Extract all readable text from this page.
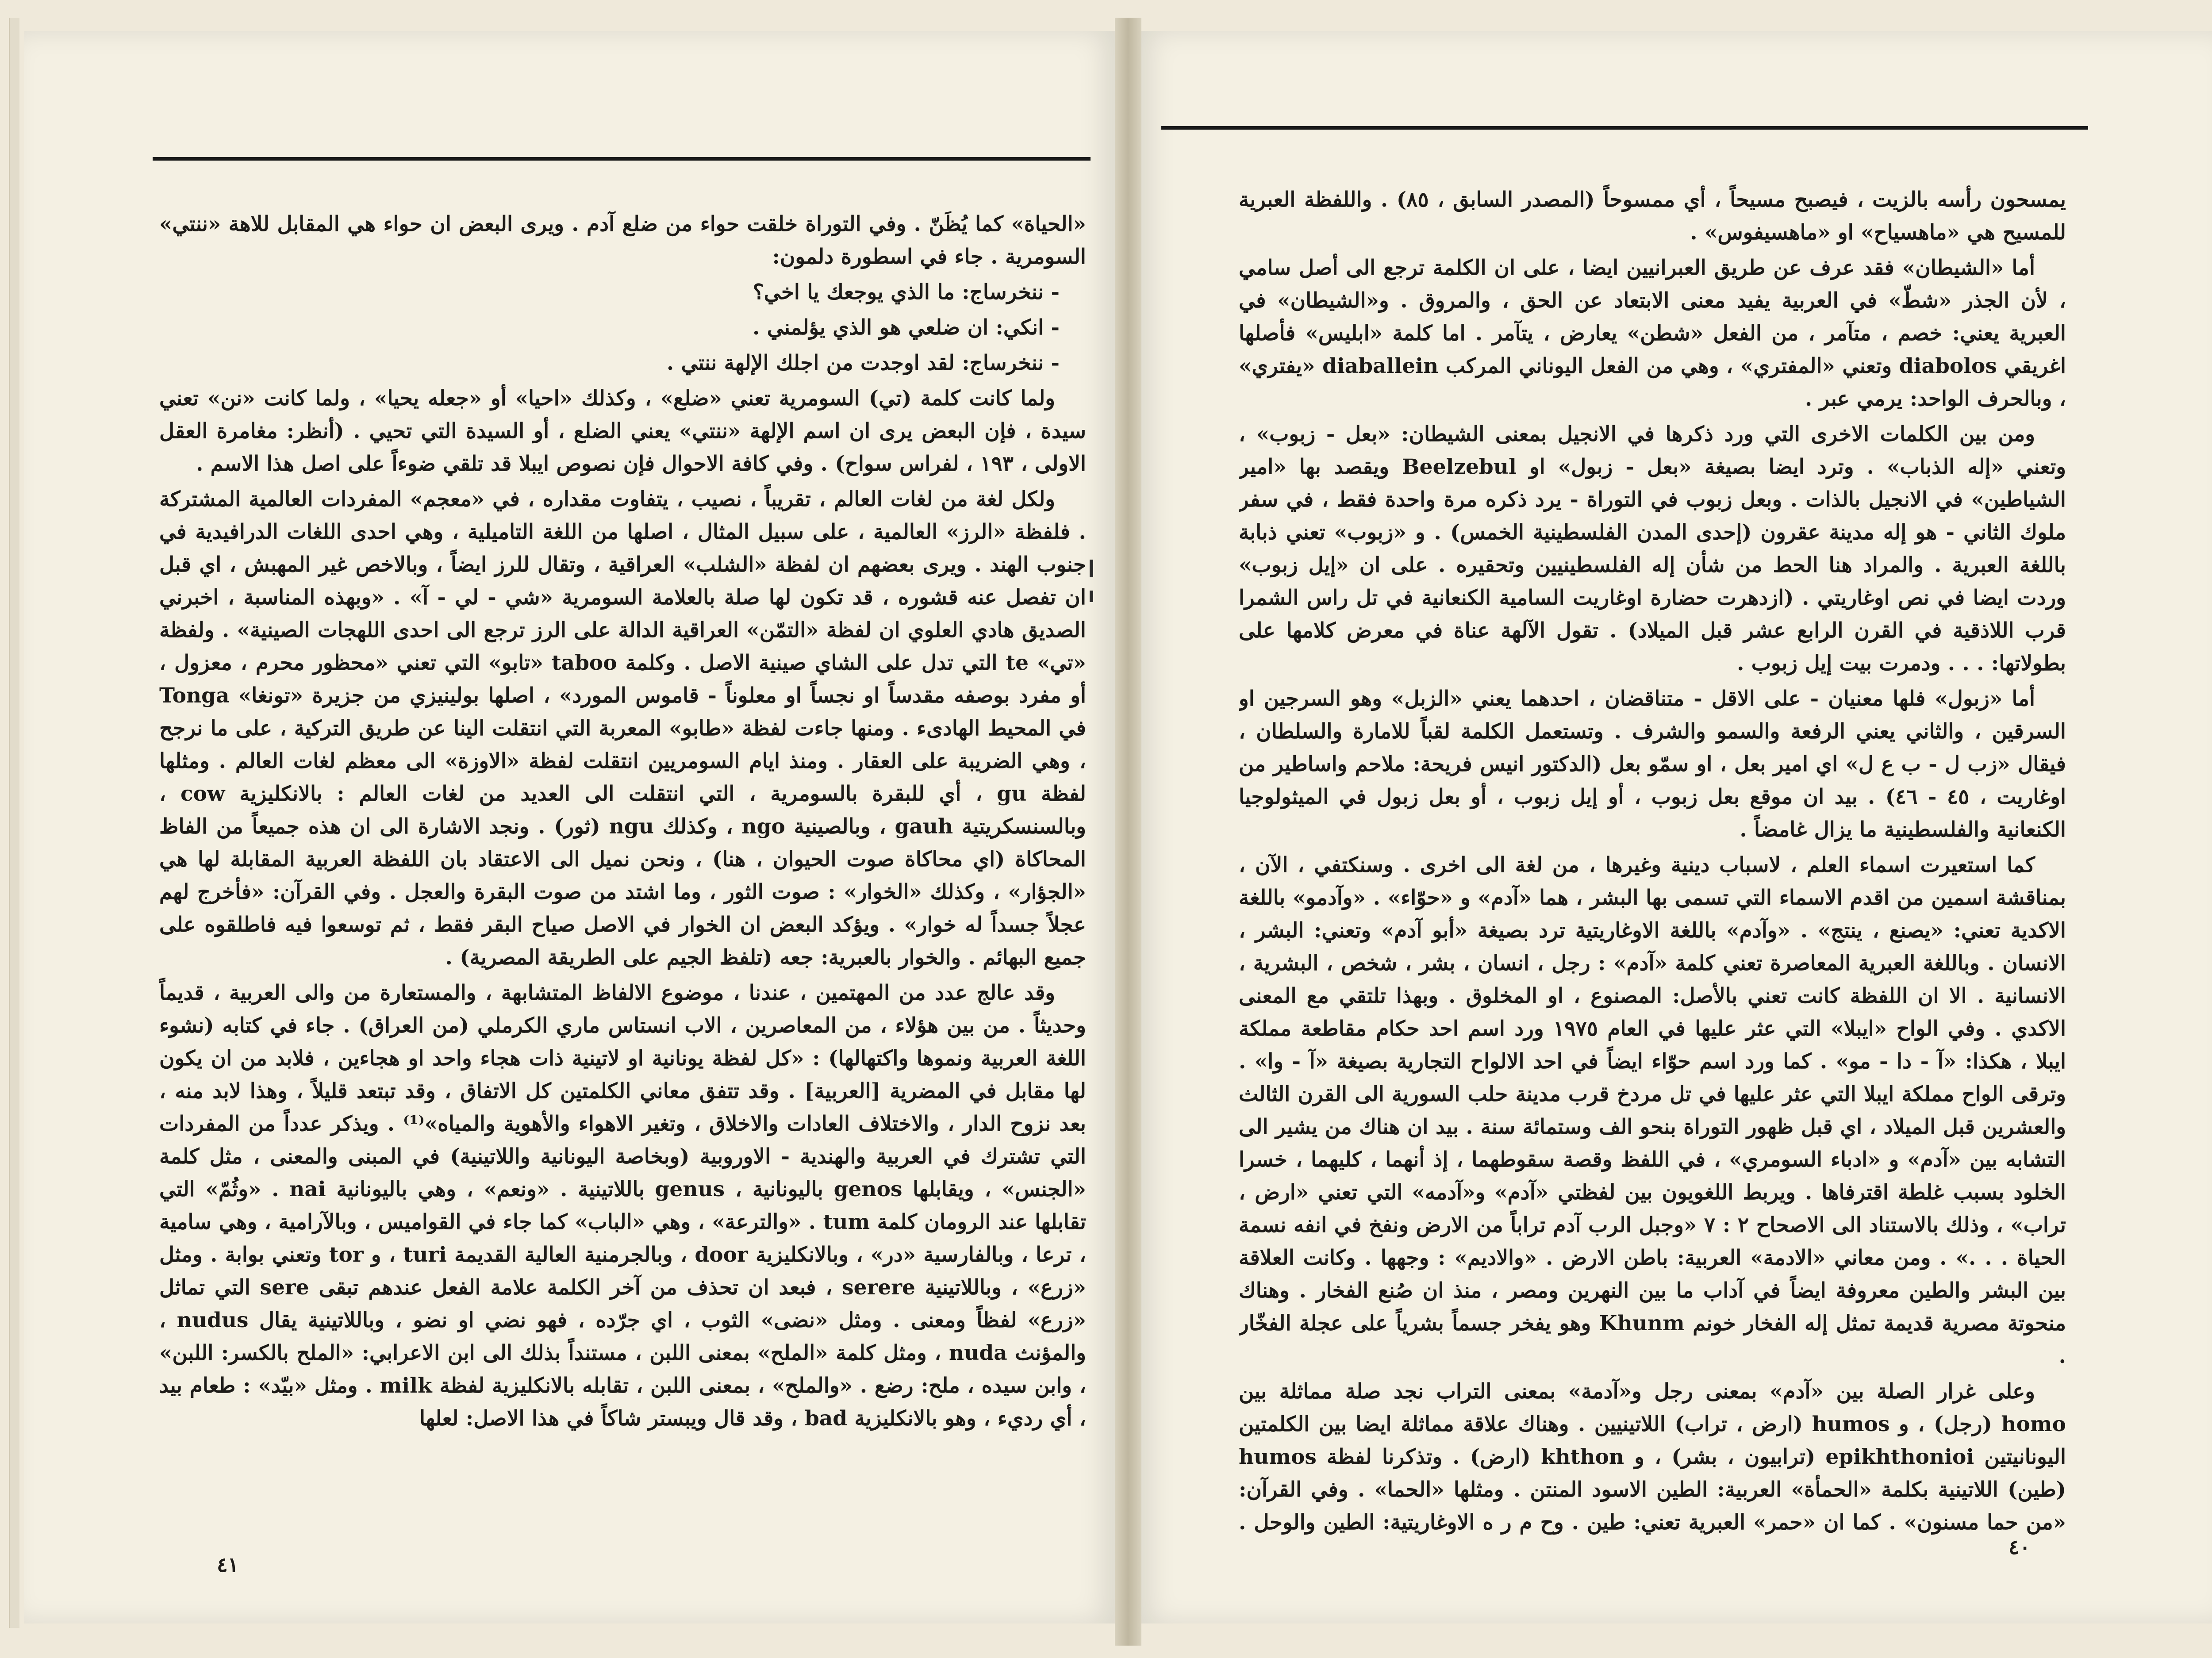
«الحياة» كما يُظَنّ . وفي التوراة خلقت حواء من ضلع آدم . ويرى البعض ان حواء هي المقابل للاهة «ننتي» السومرية . جاء في اسطورة دلمون:

- ننخرساج: ما الذي يوجعك يا اخي؟

- انكي: ان ضلعي هو الذي يؤلمني .

- ننخرساج: لقد اوجدت من اجلك الإلهة ننتي .

ولما كانت كلمة (تي) السومرية تعني «ضلع» ، وكذلك «احيا» أو «جعله يحيا» ، ولما كانت «نن» تعني سيدة ، فإن البعض يرى ان اسم الإلهة «ننتي» يعني الضلع ، أو السيدة التي تحيي . (أنظر: مغامرة العقل الاولى ، ١٩٣ ، لفراس سواح) . وفي كافة الاحوال فإن نصوص ايبلا قد تلقي ضوءاً على اصل هذا الاسم .

ولكل لغة من لغات العالم ، تقريباً ، نصيب ، يتفاوت مقداره ، في «معجم» المفردات العالمية المشتركة . فلفظة «الرز» العالمية ، على سبيل المثال ، اصلها من اللغة التاميلية ، وهي احدى اللغات الدرافيدية في جنوب الهند . ويرى بعضهم ان لفظة «الشلب» العراقية ، وتقال للرز ايضاً ، وبالاخص غير المهبش ، اي قبل ان تفصل عنه قشوره ، قد تكون لها صلة بالعلامة السومرية «شي - لي - آ» . «وبهذه المناسبة ، اخبرني الصديق هادي العلوي ان لفظة «التمّن» العراقية الدالة على الرز ترجع الى احدى اللهجات الصينية» . ولفظة «تي» te التي تدل على الشاي صينية الاصل . وكلمة taboo «تابو» التي تعني «محظور محرم ، معزول ، أو مفرد بوصفه مقدساً او نجساً او معلوناً - قاموس المورد» ، اصلها بولينيزي من جزيرة «تونغا» Tonga في المحيط الهادىء . ومنها جاءت لفظة «طابو» المعربة التي انتقلت الينا عن طريق التركية ، على ما نرجح ، وهي الضريبة على العقار . ومنذ ايام السومريين انتقلت لفظة «الاوزة» الى معظم لغات العالم . ومثلها لفظة gu ، أي للبقرة بالسومرية ، التي انتقلت الى العديد من لغات العالم : بالانكليزية cow ، وبالسنسكريتية gauh ، وبالصينية ngo ، وكذلك ngu (ثور) . ونجد الاشارة الى ان هذه جميعاً من الفاظ المحاكاة (اي محاكاة صوت الحيوان ، هنا) ، ونحن نميل الى الاعتقاد بان اللفظة العربية المقابلة لها هي «الجؤار» ، وكذلك «الخوار» : صوت الثور ، وما اشتد من صوت البقرة والعجل . وفي القرآن: «فأخرج لهم عجلاً جسداً له خوار» . ويؤكد البعض ان الخوار في الاصل صياح البقر فقط ، ثم توسعوا فيه فاطلقوه على جميع البهائم . والخوار بالعبرية: جعه (تلفظ الجيم على الطريقة المصرية) .

وقد عالج عدد من المهتمين ، عندنا ، موضوع الالفاظ المتشابهة ، والمستعارة من والى العربية ، قديماً وحديثاً . من بين هؤلاء ، من المعاصرين ، الاب انستاس ماري الكرملي (من العراق) . جاء في كتابه (نشوء اللغة العربية ونموها واكتهالها) : «كل لفظة يونانية او لاتينية ذات هجاء واحد او هجاءين ، فلابد من ان يكون لها مقابل في المضرية [العربية] . وقد تتفق معاني الكلمتين كل الاتفاق ، وقد تبتعد قليلاً ، وهذا لابد منه ، بعد نزوح الدار ، والاختلاف العادات والاخلاق ، وتغير الاهواء والأهوية والمياه»⁽¹⁾ . ويذكر عدداً من المفردات التي تشترك في العربية والهندية - الاوروبية (وبخاصة اليونانية واللاتينية) في المبنى والمعنى ، مثل كلمة «الجنس» ، ويقابلها genos باليونانية ، genus باللاتينية . «ونعم» ، وهي باليونانية nai . «وثُمّ» التي تقابلها عند الرومان كلمة tum . «والترعة» ، وهي «الباب» كما جاء في القواميس ، وبالآرامية ، وهي سامية ، ترعا ، وبالفارسية «در» ، وبالانكليزية door ، وبالجرمنية العالية القديمة turi ، و tor وتعني بوابة . ومثل «زرع» ، وباللاتينية serere ، فبعد ان تحذف من آخر الكلمة علامة الفعل عندهم تبقى sere التي تماثل «زرع» لفظاً ومعنى . ومثل «نضى» الثوب ، اي جرّده ، فهو نضي او نضو ، وباللاتينية يقال nudus ، والمؤنث nuda ، ومثل كلمة «الملح» بمعنى اللبن ، مستنداً بذلك الى ابن الاعرابي: «الملح بالكسر: اللبن» ، وابن سيده ، ملح: رضع . «والملح» ، بمعنى اللبن ، تقابله بالانكليزية لفظة milk . ومثل «بيّد» : طعام بيد ، أي رديء ، وهو بالانكليزية bad ، وقد قال ويبستر شاكاً في هذا الاصل: لعلها

يمسحون رأسه بالزيت ، فيصبح مسيحاً ، أي ممسوحاً (المصدر السابق ، ٨٥) . واللفظة العبرية للمسيح هي «ماهسياح» او «ماهسيفوس» .

أما «الشيطان» فقد عرف عن طريق العبرانيين ايضا ، على ان الكلمة ترجع الى أصل سامي ، لأن الجذر «شطّ» في العربية يفيد معنى الابتعاد عن الحق ، والمروق . و«الشيطان» في العبرية يعني: خصم ، متآمر ، من الفعل «شطن» يعارض ، يتآمر . اما كلمة «ابليس» فأصلها اغريقي diabolos وتعني «المفتري» ، وهي من الفعل اليوناني المركب diaballein «يفتري» ، وبالحرف الواحد: يرمي عبر .

ومن بين الكلمات الاخرى التي ورد ذكرها في الانجيل بمعنى الشيطان: «بعل - زبوب» ، وتعني «إله الذباب» . وترد ايضا بصيغة «بعل - زبول» او Beelzebul ويقصد بها «امير الشياطين» في الانجيل بالذات . وبعل زبوب في التوراة - يرد ذكره مرة واحدة فقط ، في سفر ملوك الثاني - هو إله مدينة عقرون (إحدى المدن الفلسطينية الخمس) . و «زبوب» تعني ذبابة باللغة العبرية . والمراد هنا الحط من شأن إله الفلسطينيين وتحقيره . على ان «إيل زبوب» وردت ايضا في نص اوغاريتي . (ازدهرت حضارة اوغاريت السامية الكنعانية في تل راس الشمرا قرب اللاذقية في القرن الرابع عشر قبل الميلاد) . تقول الآلهة عناة في معرض كلامها على بطولاتها: . . . ودمرت بيت إيل زبوب .

أما «زبول» فلها معنيان - على الاقل - متناقضان ، احدهما يعني «الزبل» وهو السرجين او السرقين ، والثاني يعني الرفعة والسمو والشرف . وتستعمل الكلمة لقباً للامارة والسلطان ، فيقال «زب ل - ب ع ل» اي امير بعل ، او سمّو بعل (الدكتور انيس فريحة: ملاحم واساطير من اوغاريت ، ٤٥ - ٤٦) . بيد ان موقع بعل زبوب ، أو إيل زبوب ، أو بعل زبول في الميثولوجيا الكنعانية والفلسطينية ما يزال غامضاً .

كما استعيرت اسماء العلم ، لاسباب دينية وغيرها ، من لغة الى اخرى . وسنكتفي ، الآن ، بمناقشة اسمين من اقدم الاسماء التي تسمى بها البشر ، هما «آدم» و «حوّاء» . «وآدمو» باللغة الاكدية تعني: «يصنع ، ينتج» . «وآدم» باللغة الاوغاريتية ترد بصيغة «أبو آدم» وتعني: البشر ، الانسان . وباللغة العبرية المعاصرة تعني كلمة «آدم» : رجل ، انسان ، بشر ، شخص ، البشرية ، الانسانية . الا ان اللفظة كانت تعني بالأصل: المصنوع ، او المخلوق . وبهذا تلتقي مع المعنى الاكدي . وفي الواح «ايبلا» التي عثر عليها في العام ١٩٧٥ ورد اسم احد حكام مقاطعة مملكة ايبلا ، هكذا: «آ - دا - مو» . كما ورد اسم حوّاء ايضاً في احد الالواح التجارية بصيغة «آ - وا» . وترقى الواح مملكة ايبلا التي عثر عليها في تل مردخ قرب مدينة حلب السورية الى القرن الثالث والعشرين قبل الميلاد ، اي قبل ظهور التوراة بنحو الف وستمائة سنة . بيد ان هناك من يشير الى التشابه بين «آدم» و «ادباء السومري» ، في اللفظ وقصة سقوطهما ، إذ أنهما ، كليهما ، خسرا الخلود بسبب غلطة اقترفاها . ويربط اللغويون بين لفظتي «آدم» و«آدمه» التي تعني «ارض ، تراب» ، وذلك بالاستناد الى الاصحاح ٢ : ٧ «وجبل الرب آدم تراباً من الارض ونفخ في انفه نسمة الحياة . . .» . ومن معاني «الادمة» العربية: باطن الارض . «والاديم» : وجهها . وكانت العلاقة بين البشر والطين معروفة ايضاً في آداب ما بين النهرين ومصر ، منذ ان صُنع الفخار . وهناك منحوتة مصرية قديمة تمثل إله الفخار خونم Khunm وهو يفخر جسماً بشرياً على عجلة الفخّار .

وعلى غرار الصلة بين «آدم» بمعنى رجل و«آدمة» بمعنى التراب نجد صلة مماثلة بين homo (رجل) ، و humos (ارض ، تراب) اللاتينيين . وهناك علاقة مماثلة ايضا بين الكلمتين اليونانيتين epikhthonioi (ترابيون ، بشر) ، و khthon (ارض) . وتذكرنا لفظة humos (طين) اللاتينية بكلمة «الحمأة» العربية: الطين الاسود المنتن . ومثلها «الحما» . وفي القرآن: «من حما مسنون» . كما ان «حمر» العبرية تعني: طين . وح م ر ه الاوغاريتية: الطين والوحل .

٤١
٤٠
